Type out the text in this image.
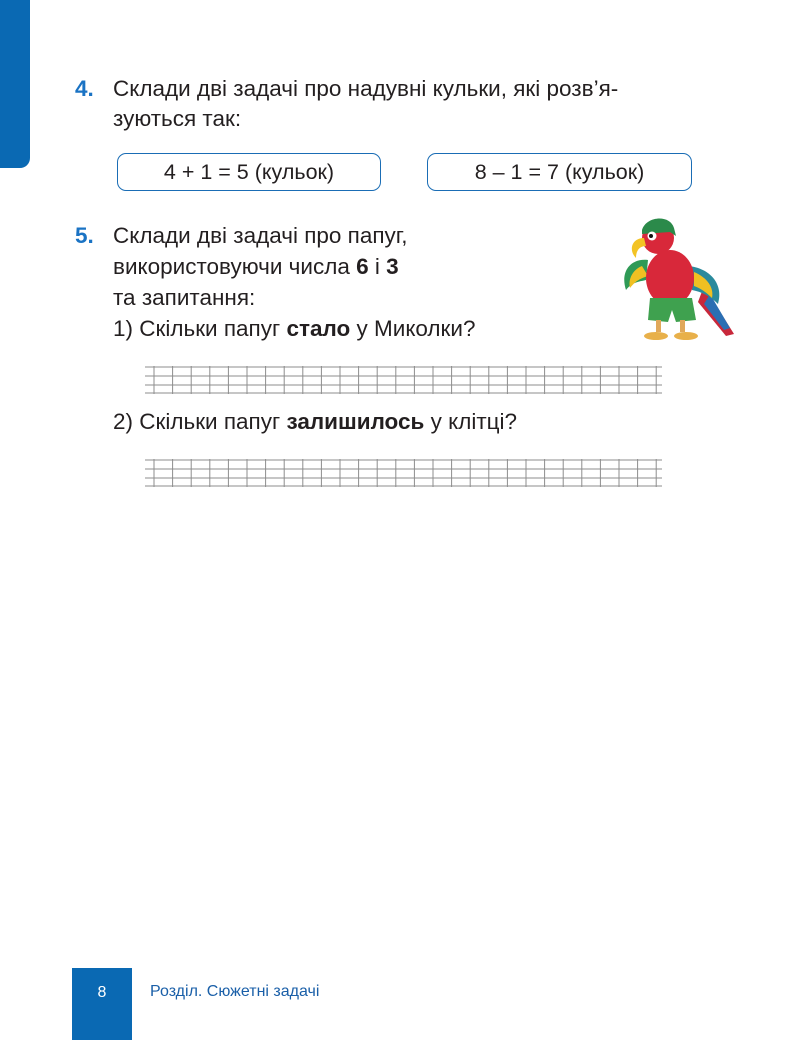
4. Склади дві задачі про надувні кульки, які розв’я-
зуються так:
4 + 1 = 5 (кульок)	8 – 1 = 7 (кульок)
5. Склади дві задачі про папуг,
використовуючи числа 6 і 3
та запитання:
1) Скільки папуг стало у Миколки?
2) Скільки папуг залишилось у клітці?
8	Розділ. Сюжетні задачі
